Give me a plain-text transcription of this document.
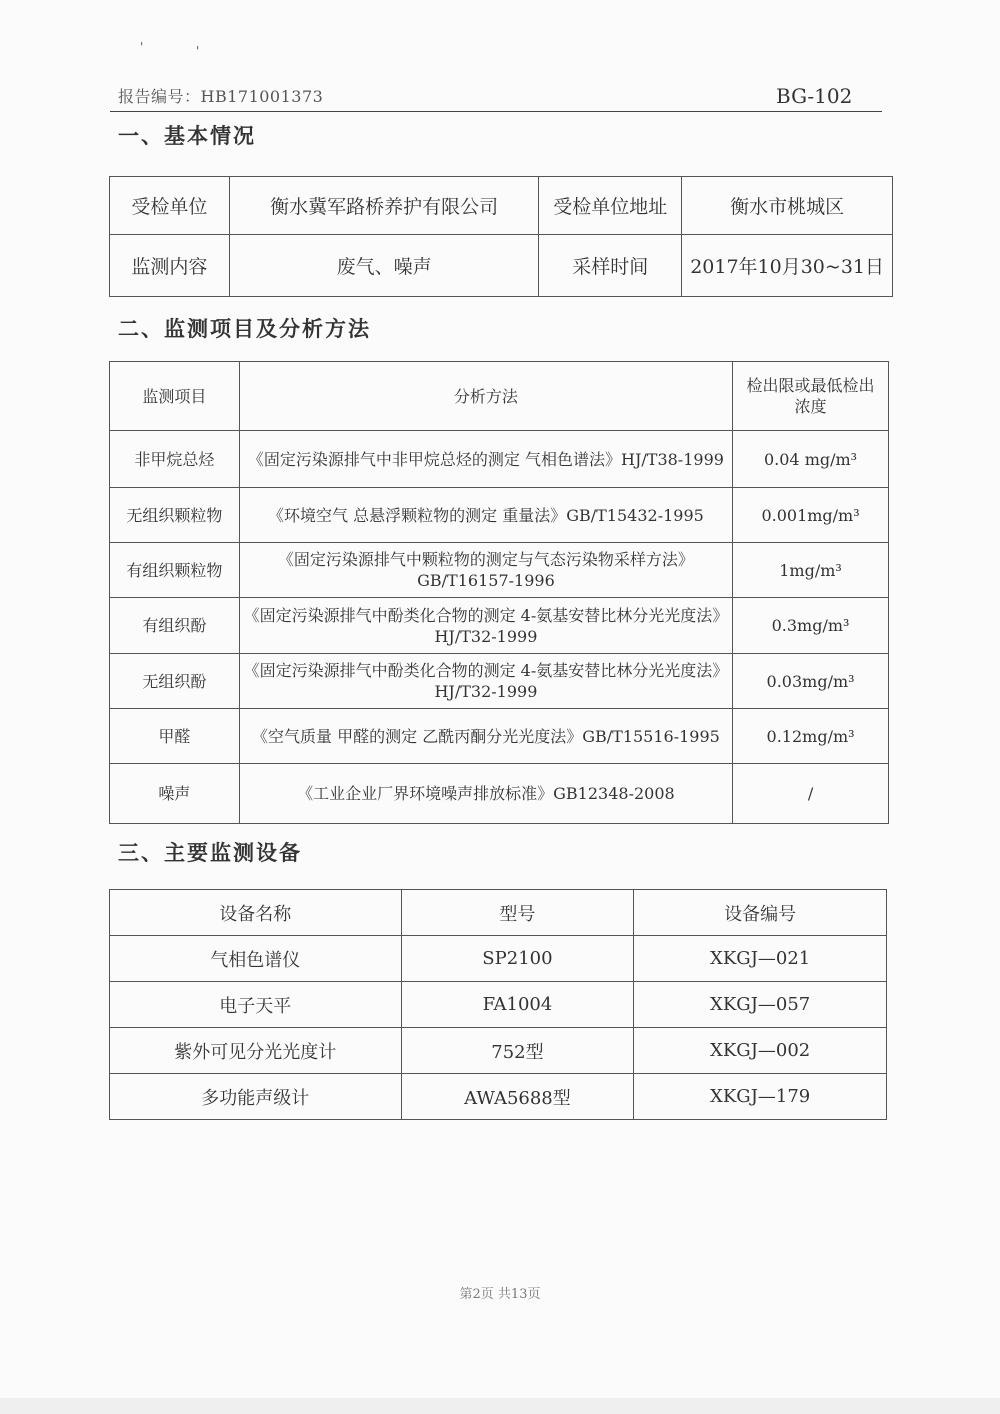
'	'
报告编号：HB171001373	BG-102
一、基本情况
受检单位	衡水冀军路桥养护有限公司	受检单位地址	衡水市桃城区
监测内容	废气、噪声	采样时间	2017年10月30~31日
二、监测项目及分析方法
监测项目	分析方法	检出限或最低检出浓度
非甲烷总烃	《固定污染源排气中非甲烷总烃的测定 气相色谱法》HJ/T38-1999	0.04 mg/m³
无组织颗粒物	《环境空气 总悬浮颗粒物的测定 重量法》GB/T15432-1995	0.001mg/m³
有组织颗粒物	《固定污染源排气中颗粒物的测定与气态污染物采样方法》GB/T16157-1996	1mg/m³
有组织酚	《固定污染源排气中酚类化合物的测定 4-氨基安替比林分光光度法》HJ/T32-1999	0.3mg/m³
无组织酚	《固定污染源排气中酚类化合物的测定 4-氨基安替比林分光光度法》HJ/T32-1999	0.03mg/m³
甲醛	《空气质量 甲醛的测定 乙酰丙酮分光光度法》GB/T15516-1995	0.12mg/m³
噪声	《工业企业厂界环境噪声排放标准》GB12348-2008	/
三、主要监测设备
设备名称	型号	设备编号
气相色谱仪	SP2100	XKGJ—021
电子天平	FA1004	XKGJ—057
紫外可见分光光度计	752型	XKGJ—002
多功能声级计	AWA5688型	XKGJ—179
第2页 共13页
